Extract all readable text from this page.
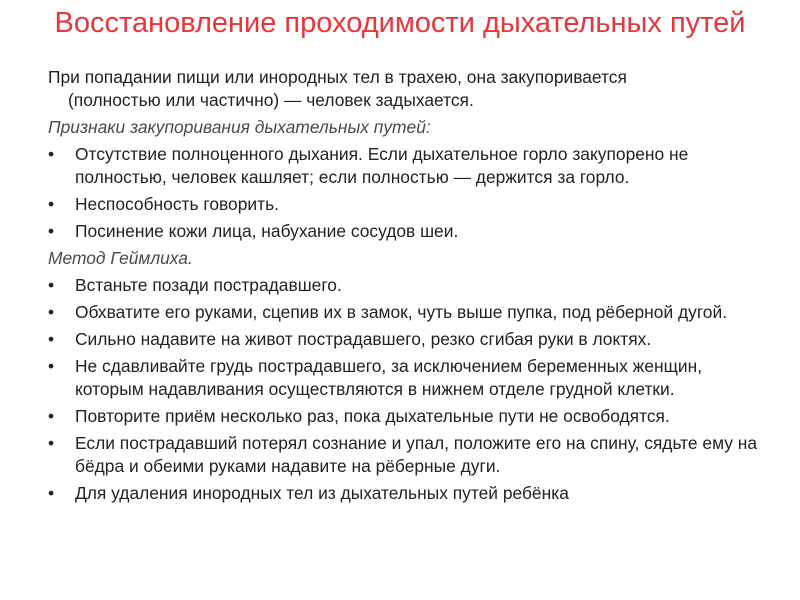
Восстановление проходимости дыхательных путей

При попадании пищи или инородных тел в трахею, она закупоривается
(полностью или частично) — человек задыхается.

Признаки закупоривания дыхательных путей:
• Отсутствие полноценного дыхания. Если дыхательное горло закупорено не полностью, человек кашляет; если полностью — держится за горло.
• Неспособность говорить.
• Посинение кожи лица, набухание сосудов шеи.
Метод Геймлиха.
• Встаньте позади пострадавшего.
• Обхватите его руками, сцепив их в замок, чуть выше пупка, под рёберной дугой.
• Сильно надавите на живот пострадавшего, резко сгибая руки в локтях.
• Не сдавливайте грудь пострадавшего, за исключением беременных женщин, которым надавливания осуществляются в нижнем отделе грудной клетки.
• Повторите приём несколько раз, пока дыхательные пути не освободятся.
• Если пострадавший потерял сознание и упал, положите его на спину, сядьте ему на бёдра и обеими руками надавите на рёберные дуги.
• Для удаления инородных тел из дыхательных путей ребёнка
